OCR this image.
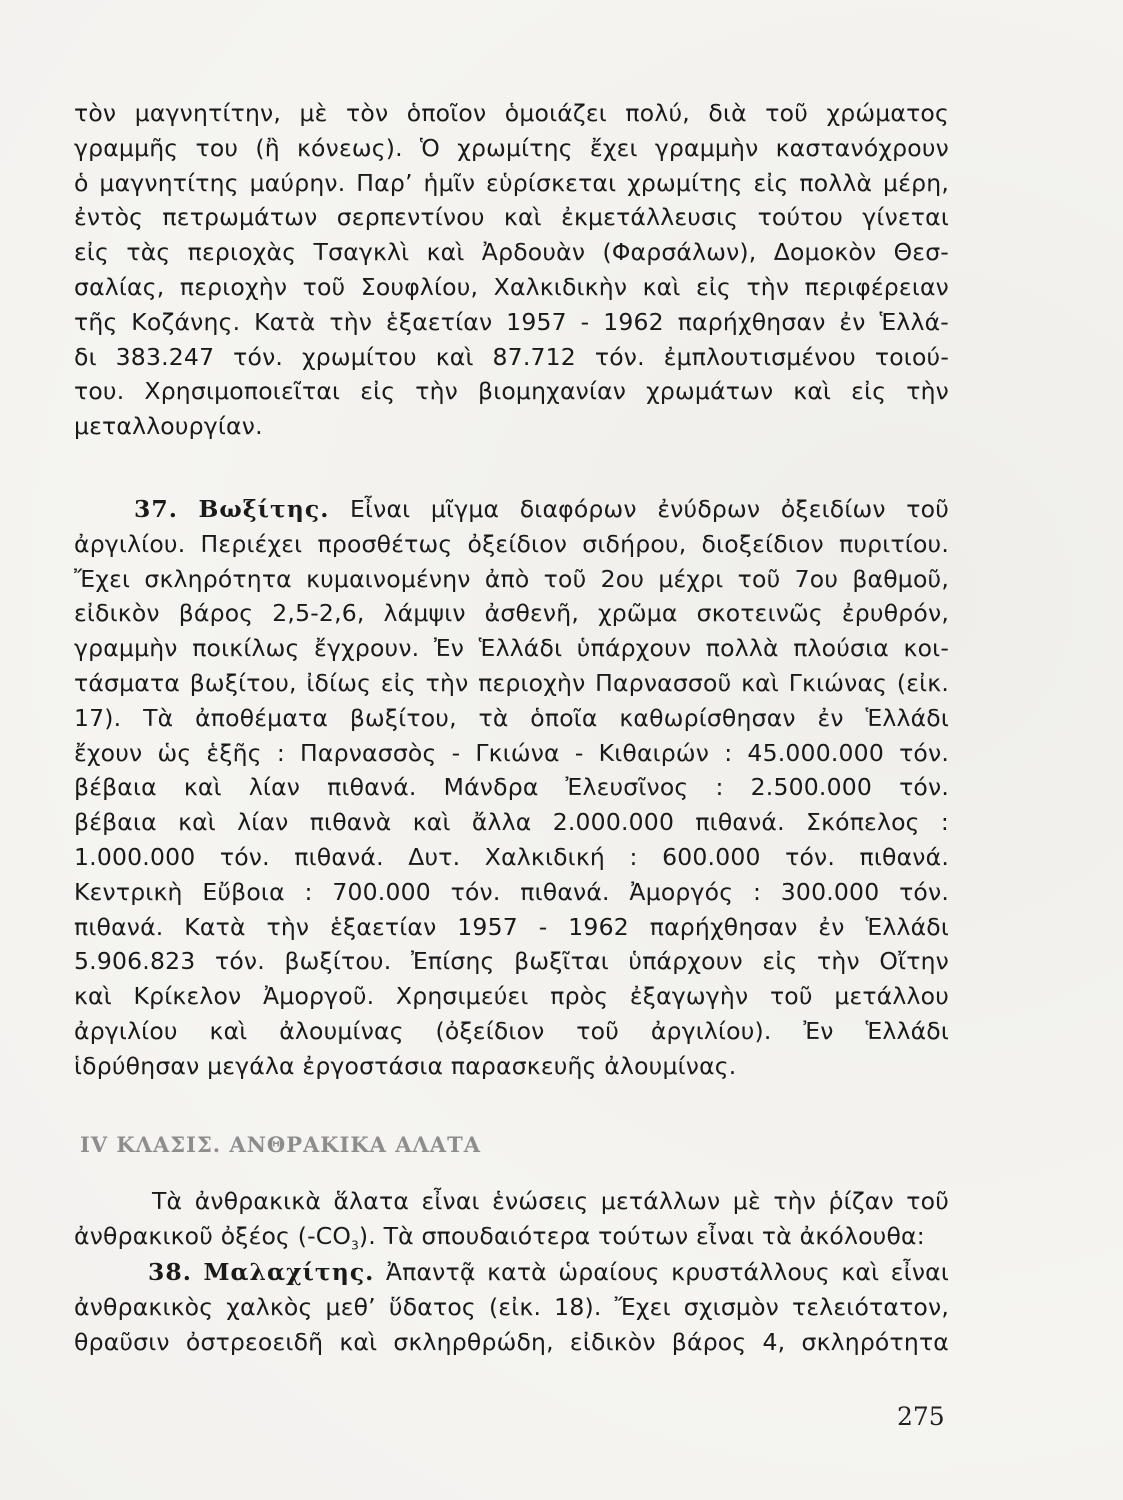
τὸν μαγνητίτην, μὲ τὸν ὁποῖον ὁμοιάζει πολύ, διὰ τοῦ χρώματος

γραμμῆς του (ἢ κόνεως). Ὁ χρωμίτης ἔχει γραμμὴν καστανόχρουν

ὁ μαγνητίτης μαύρην. Παρ’ ἡμῖν εὑρίσκεται χρωμίτης εἰς πολλὰ μέρη,

ἐντὸς πετρωμάτων σερπεντίνου καὶ ἐκμετάλλευσις τούτου γίνεται

εἰς τὰς περιοχὰς Τσαγκλὶ καὶ Ἀρδουὰν (Φαρσάλων), Δομοκὸν Θεσ-

σαλίας, περιοχὴν τοῦ Σουφλίου, Χαλκιδικὴν καὶ εἰς τὴν περιφέρειαν

τῆς Κοζάνης. Κατὰ τὴν ἑξαετίαν 1957 - 1962 παρήχθησαν ἐν Ἑλλά-

δι 383.247 τόν. χρωμίτου καὶ 87.712 τόν. ἐμπλουτισμένου τοιού-

του. Χρησιμοποιεῖται εἰς τὴν βιομηχανίαν χρωμάτων καὶ εἰς τὴν

μεταλλουργίαν.

37. Βωξίτης. Εἶναι μῖγμα διαφόρων ἐνύδρων ὀξειδίων τοῦ

ἀργιλίου. Περιέχει προσθέτως ὀξείδιον σιδήρου, διοξείδιον πυριτίου.

Ἔχει σκληρότητα κυμαινομένην ἀπὸ τοῦ 2ου μέχρι τοῦ 7ου βαθμοῦ,

εἰδικὸν βάρος 2,5-2,6, λάμψιν ἀσθενῆ, χρῶμα σκοτεινῶς ἐρυθρόν,

γραμμὴν ποικίλως ἔγχρουν. Ἐν Ἑλλάδι ὑπάρχουν πολλὰ πλούσια κοι-

τάσματα βωξίτου, ἰδίως εἰς τὴν περιοχὴν Παρνασσοῦ καὶ Γκιώνας (εἰκ.

17). Τὰ ἀποθέματα βωξίτου, τὰ ὁποῖα καθωρίσθησαν ἐν Ἑλλάδι

ἔχουν ὡς ἑξῆς : Παρνασσὸς - Γκιώνα - Κιθαιρών : 45.000.000 τόν.

βέβαια καὶ λίαν πιθανά. Μάνδρα Ἐλευσῖνος : 2.500.000 τόν.

βέβαια καὶ λίαν πιθανὰ καὶ ἄλλα 2.000.000 πιθανά. Σκόπελος :

1.000.000 τόν. πιθανά. Δυτ. Χαλκιδική : 600.000 τόν. πιθανά.

Κεντρικὴ Εὔβοια : 700.000 τόν. πιθανά. Ἀμοργός : 300.000 τόν.

πιθανά. Κατὰ τὴν ἑξαετίαν 1957 - 1962 παρήχθησαν ἐν Ἑλλάδι

5.906.823 τόν. βωξίτου. Ἐπίσης βωξῖται ὑπάρχουν εἰς τὴν Οἴτην

καὶ Κρίκελον Ἀμοργοῦ. Χρησιμεύει πρὸς ἐξαγωγὴν τοῦ μετάλλου

ἀργιλίου καὶ ἀλουμίνας (ὀξείδιον τοῦ ἀργιλίου). Ἐν Ἑλλάδι

ἱδρύθησαν μεγάλα ἐργοστάσια παρασκευῆς ἀλουμίνας.

IV ΚΛΑΣΙΣ. ΑΝΘΡΑΚΙΚΑ ΑΛΑΤΑ

Τὰ ἀνθρακικὰ ἅλατα εἶναι ἑνώσεις μετάλλων μὲ τὴν ῥίζαν τοῦ

ἀνθρακικοῦ ὀξέος $(-CO_3)$. Τὰ σπουδαιότερα τούτων εἶναι τὰ ἀκόλουθα:

38. Μαλαχίτης. Ἀπαντᾷ κατὰ ὡραίους κρυστάλλους καὶ εἶναι

ἀνθρακικὸς χαλκὸς μεθ’ ὕδατος (εἰκ. 18). Ἔχει σχισμὸν τελειότατον,

θραῦσιν ὀστρεοειδῆ καὶ σκληρθρώδη, εἰδικὸν βάρος 4, σκληρότητα

275
